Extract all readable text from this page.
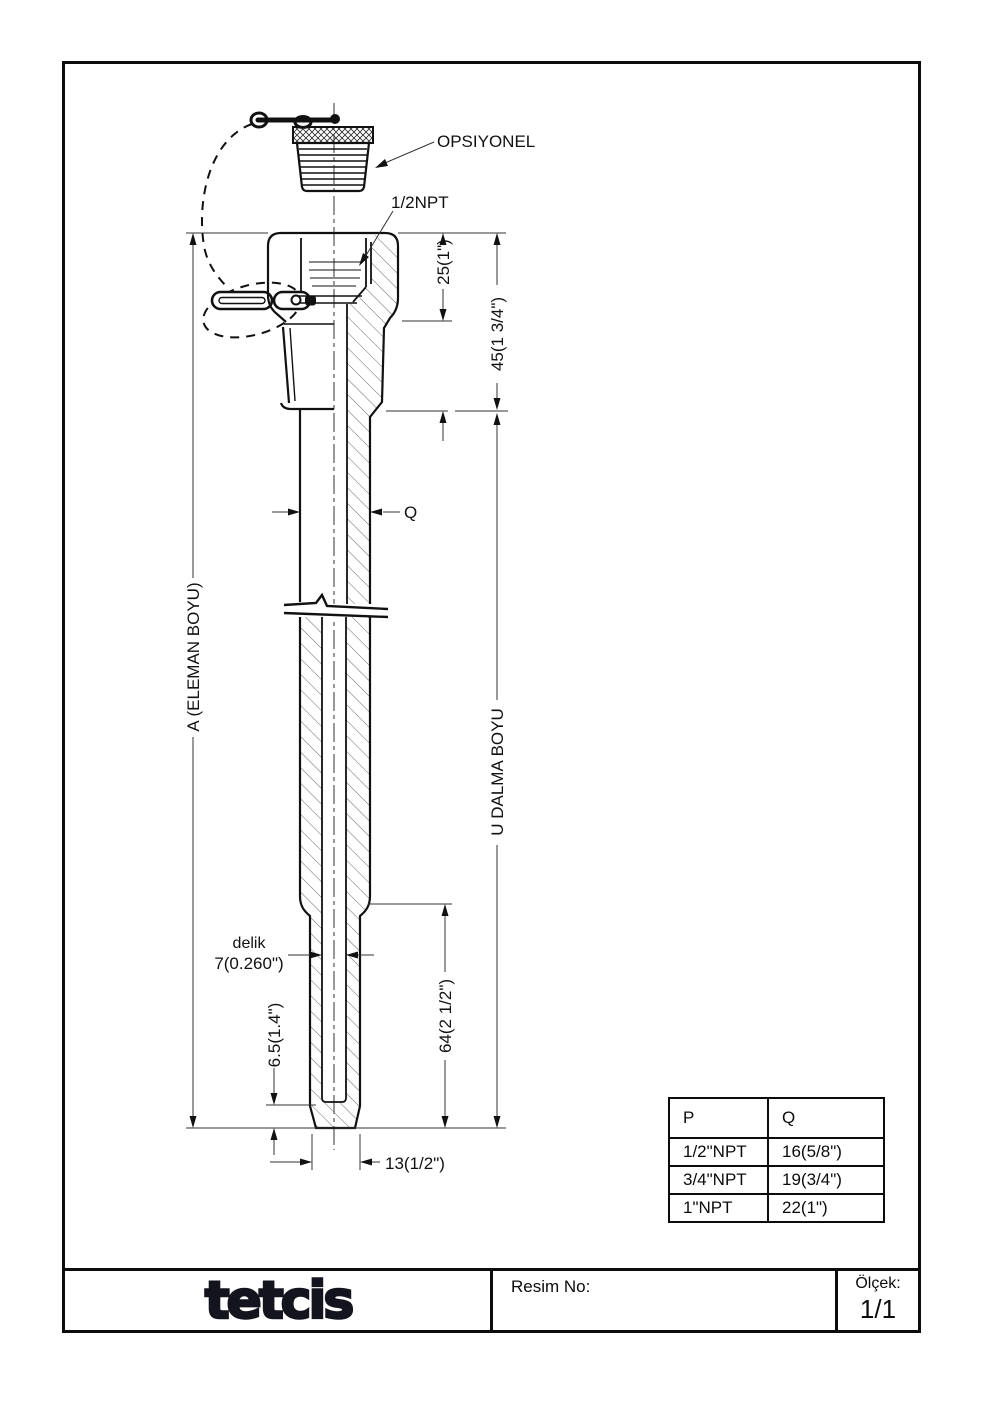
OPSIYONEL
1/2NPT
Q
25(1")
45(1 3/4")
A (ELEMAN BOYU)
U DALMA BOYU
delik
7(0.260")
6.5(1.4")	64(2 1/2")
13(1/2")
P	Q
1/2"NPT	16(5/8")
3/4"NPT	19(3/4")
1"NPT	22(1")
tetcis	Resim No:	Ölçek:
1/1
